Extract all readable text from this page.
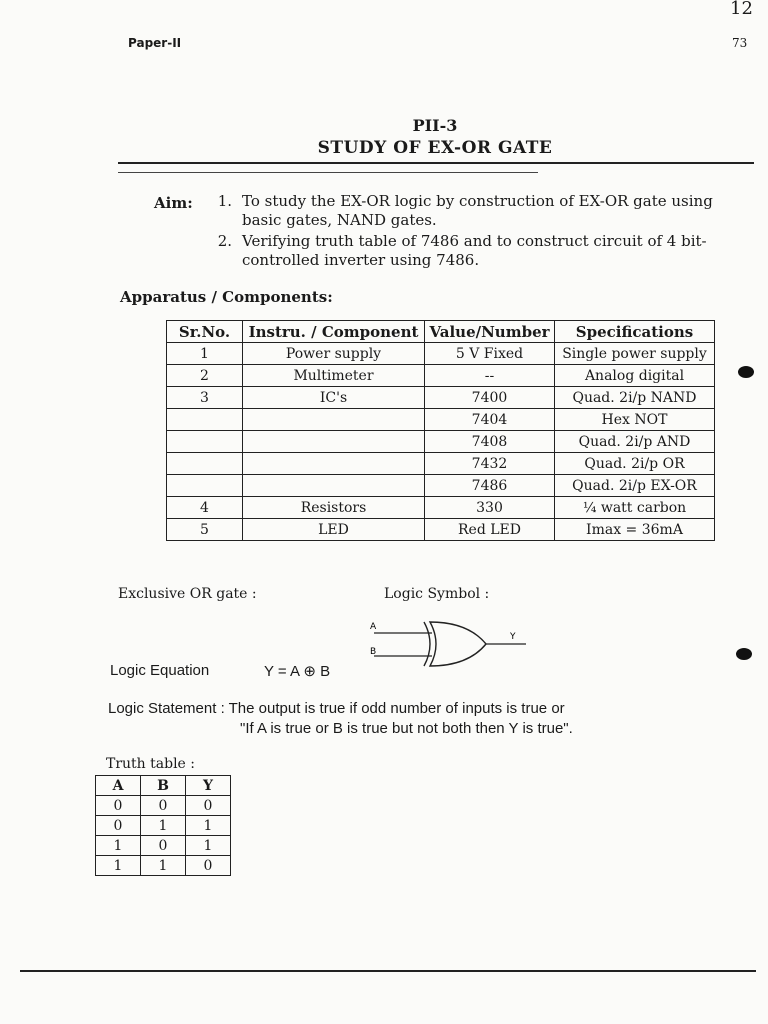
12
Paper-II	73
PII-3
STUDY OF EX-OR GATE
Aim:	1. To study the EX-OR logic by construction of EX-OR gate using basic gates, NAND gates.
2. Verifying truth table of 7486 and to construct circuit of 4 bit-controlled inverter using 7486.
Apparatus / Components:
Sr.No.	Instru. / Component	Value/Number	Specifications
1	Power supply	5 V Fixed	Single power supply
2	Multimeter	--	Analog digital
3	IC's	7400	Quad. 2i/p NAND
		7404	Hex NOT
		7408	Quad. 2i/p AND
		7432	Quad. 2i/p OR
		7486	Quad. 2i/p EX-OR
4	Resistors	330	¼ watt carbon
5	LED	Red LED	Imax = 36mA
Exclusive OR gate :	Logic Symbol :
A
B
Y
Logic Equation	Y = A ⊕ B
Logic Statement : The output is true if odd number of inputs is true or
"If A is true or B is true but not both then Y is true".
Truth table :
A	B	Y
0	0	0
0	1	1
1	0	1
1	1	0
